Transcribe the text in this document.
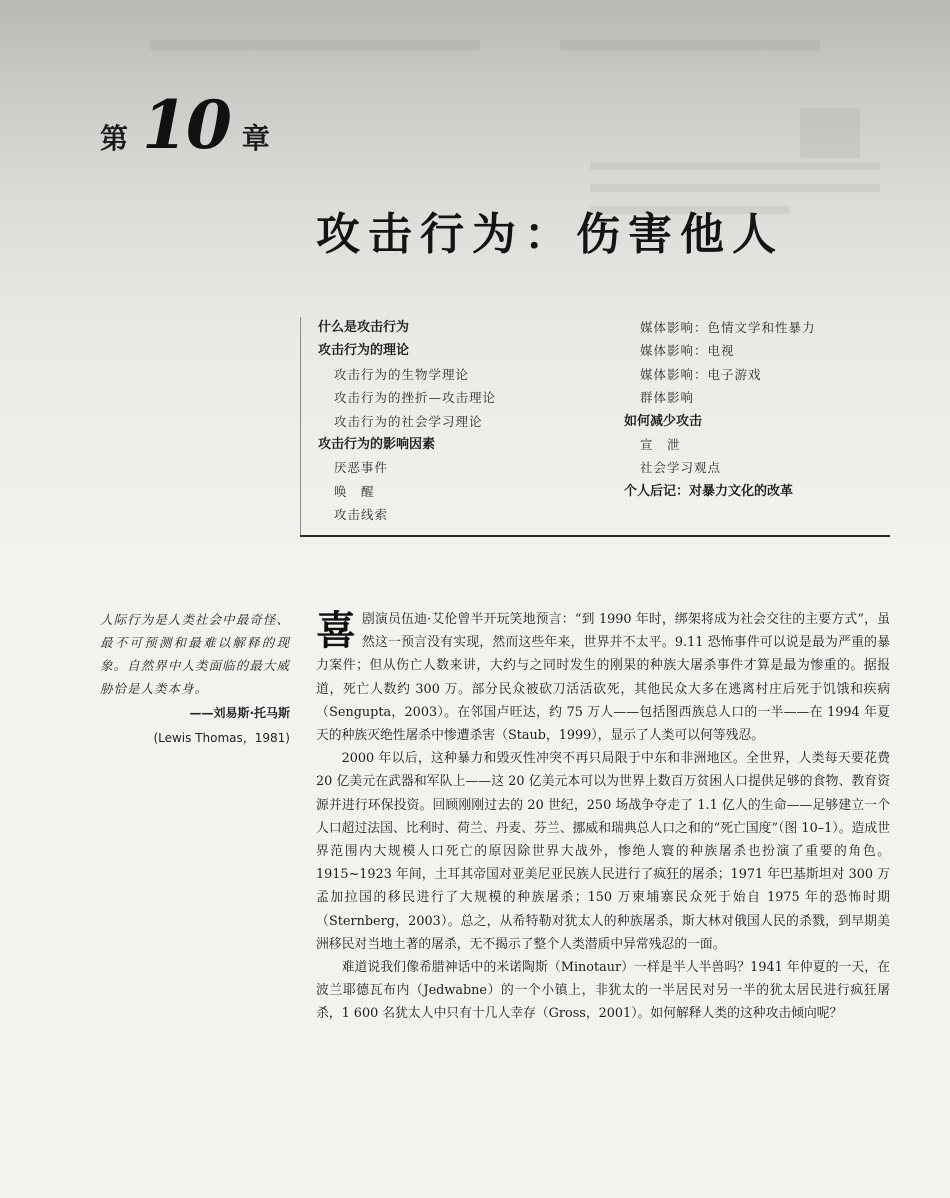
第 10 章
攻击行为：伤害他人
什么是攻击行为
攻击行为的理论
攻击行为的生物学理论
攻击行为的挫折—攻击理论
攻击行为的社会学习理论
攻击行为的影响因素
厌恶事件
唤　醒
攻击线索
媒体影响：色情文学和性暴力
媒体影响：电视
媒体影响：电子游戏
群体影响
如何减少攻击
宣　泄
社会学习观点
个人后记：对暴力文化的改革
人际行为是人类社会中最奇怪、最不可预测和最难以解释的现象。自然界中人类面临的最大威胁恰是人类本身。
——刘易斯·托马斯
(Lewis Thomas，1981)

喜剧演员伍迪·艾伦曾半开玩笑地预言：“到 1990 年时，绑架将成为社会交往的主要方式”，虽然这一预言没有实现，然而这些年来，世界并不太平。9.11 恐怖事件可以说是最为严重的暴力案件；但从伤亡人数来讲，大约与之同时发生的刚果的种族大屠杀事件才算是最为惨重的。据报道，死亡人数约 300 万。部分民众被砍刀活活砍死，其他民众大多在逃离村庄后死于饥饿和疾病（Sengupta，2003）。在邻国卢旺达，约 75 万人——包括图西族总人口的一半——在 1994 年夏天的种族灭绝性屠杀中惨遭杀害（Staub，1999），显示了人类可以何等残忍。

2000 年以后，这种暴力和毁灭性冲突不再只局限于中东和非洲地区。全世界，人类每天要花费 20 亿美元在武器和军队上——这 20 亿美元本可以为世界上数百万贫困人口提供足够的食物、教育资源并进行环保投资。回顾刚刚过去的 20 世纪，250 场战争夺走了 1.1 亿人的生命——足够建立一个人口超过法国、比利时、荷兰、丹麦、芬兰、挪威和瑞典总人口之和的“死亡国度”（图 10–1）。造成世界范围内大规模人口死亡的原因除世界大战外，惨绝人寰的种族屠杀也扮演了重要的角色。1915~1923 年间，土耳其帝国对亚美尼亚民族人民进行了疯狂的屠杀；1971 年巴基斯坦对 300 万孟加拉国的移民进行了大规模的种族屠杀；150 万柬埔寨民众死于始自 1975 年的恐怖时期（Sternberg，2003）。总之，从希特勒对犹太人的种族屠杀，斯大林对俄国人民的杀戮，到早期美洲移民对当地土著的屠杀，无不揭示了整个人类潜质中异常残忍的一面。

难道说我们像希腊神话中的米诺陶斯（Minotaur）一样是半人半兽吗？1941 年仲夏的一天，在波兰耶德瓦布内（Jedwabne）的一个小镇上，非犹太的一半居民对另一半的犹太居民进行疯狂屠杀，1 600 名犹太人中只有十几人幸存（Gross，2001）。如何解释人类的这种攻击倾向呢？
